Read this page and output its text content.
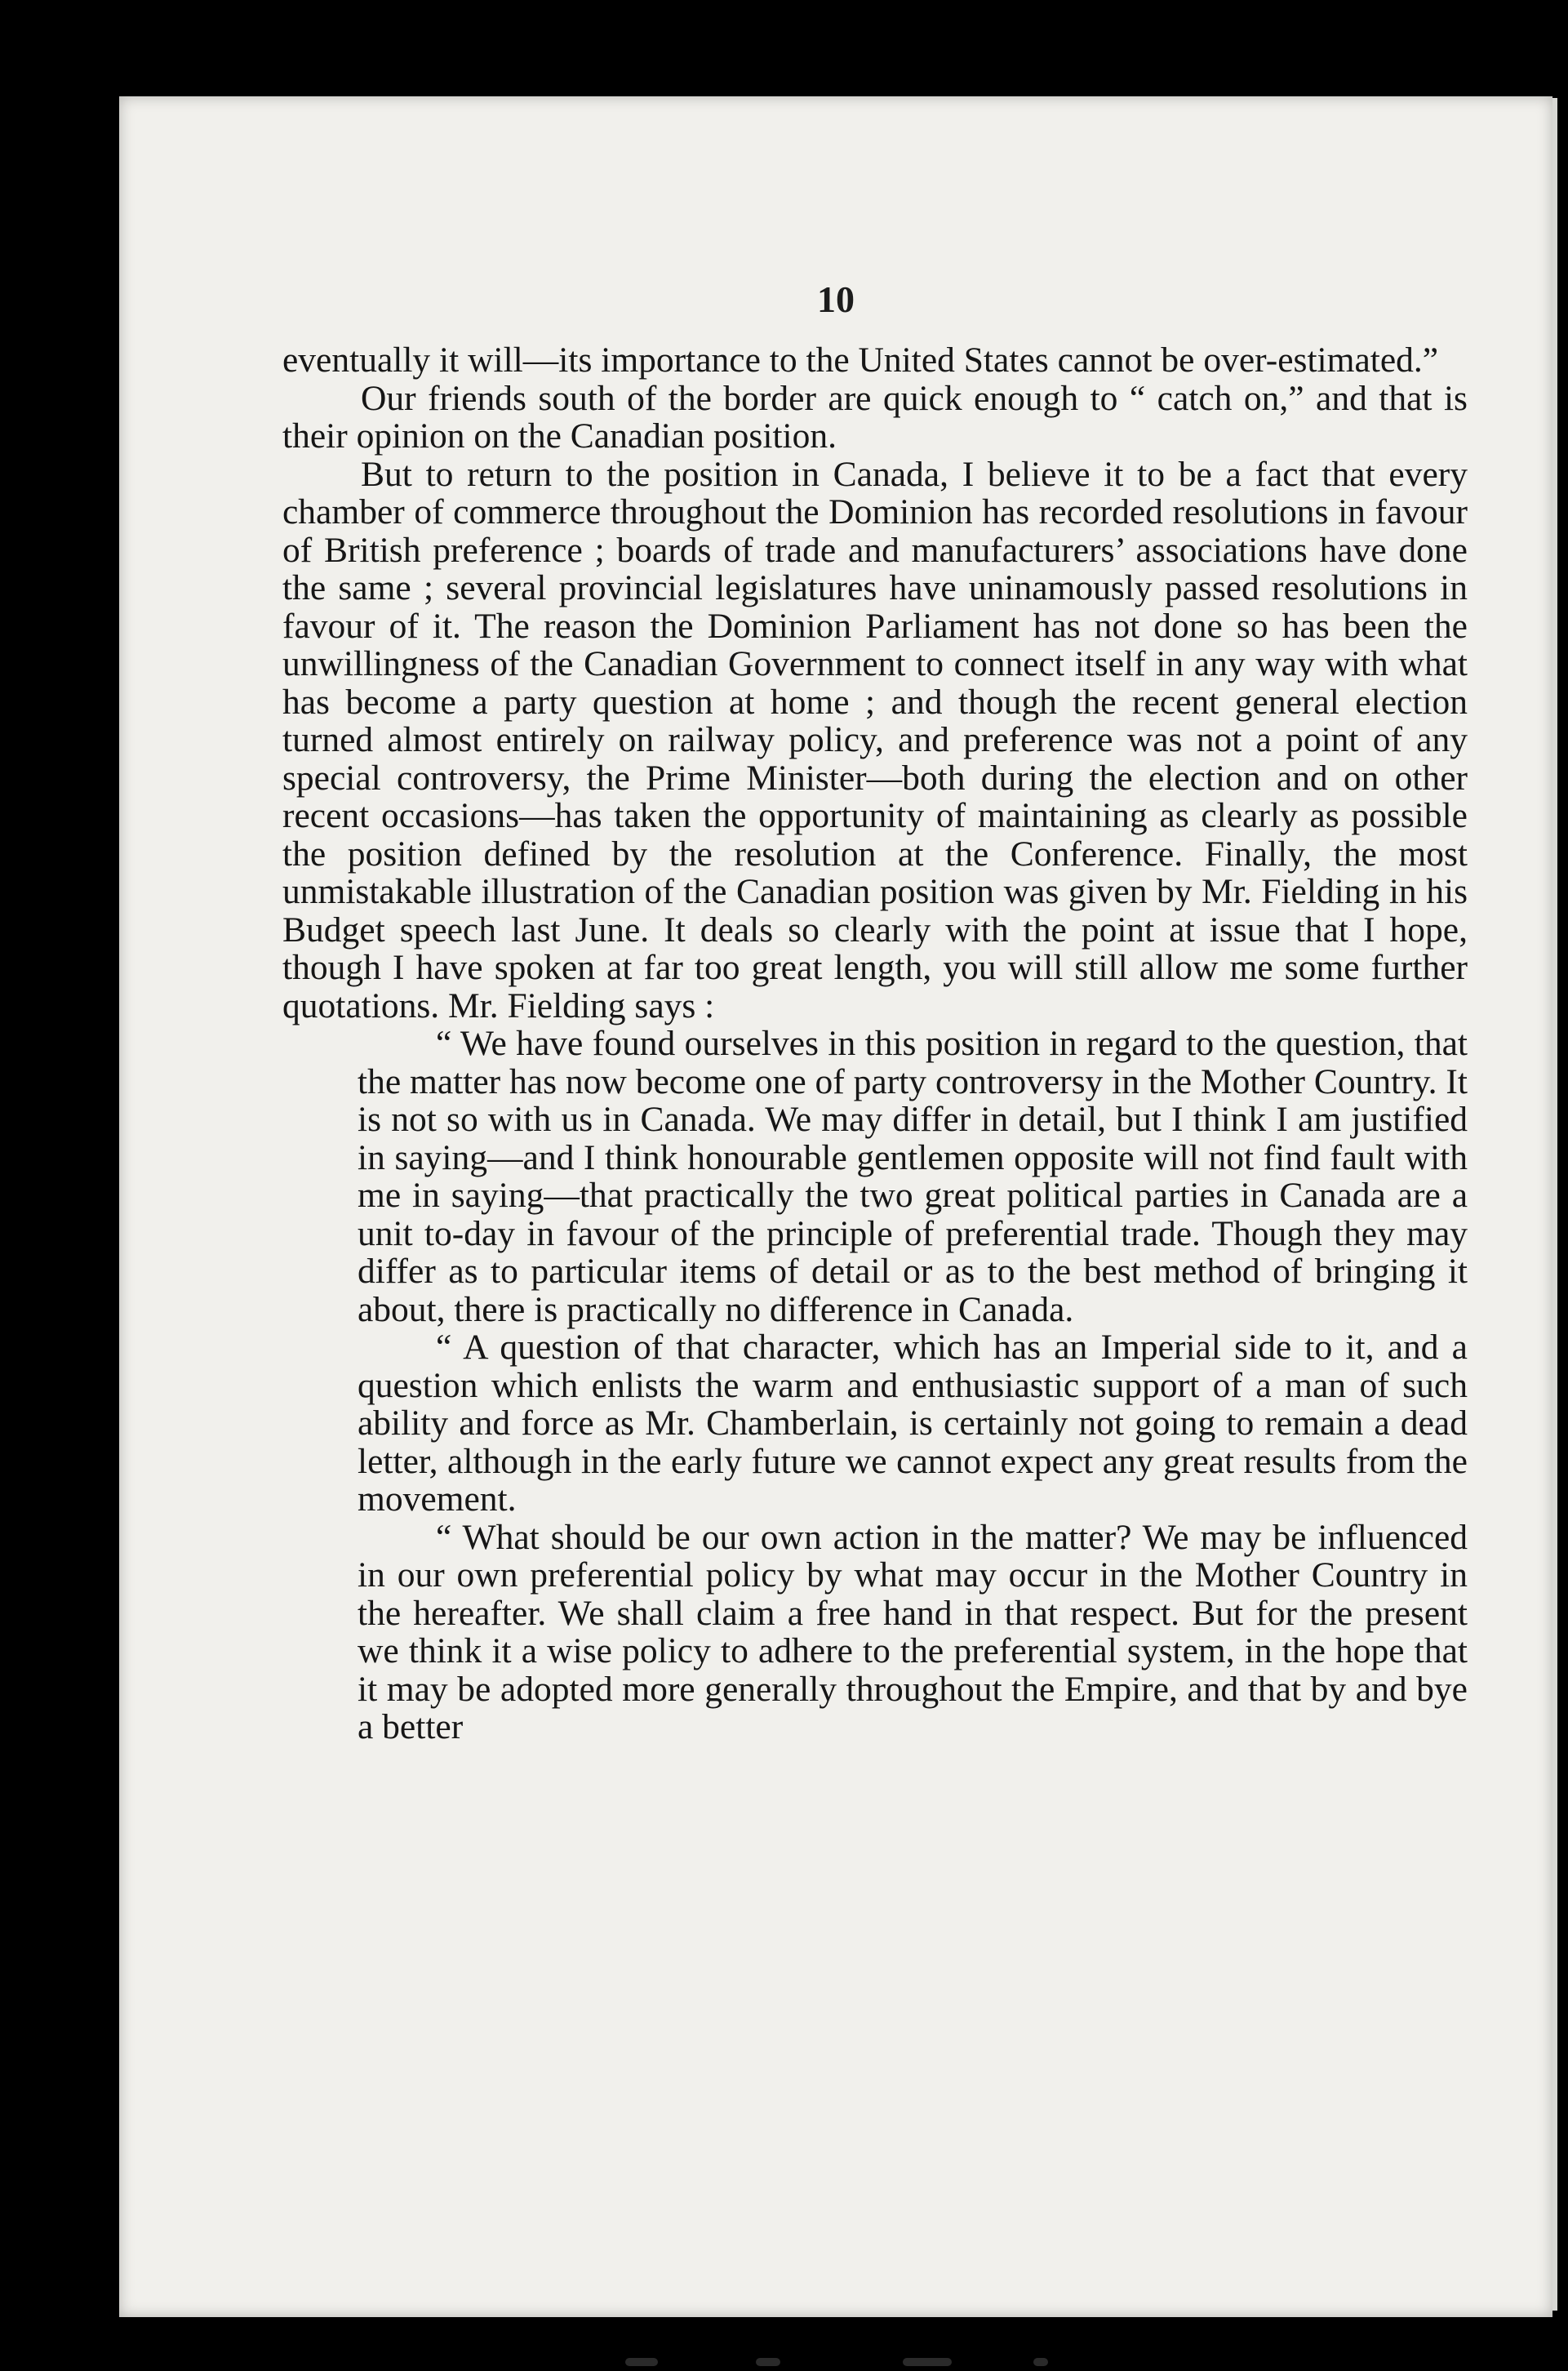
10

eventually it will—its importance to the United States cannot be over-estimated.”

Our friends south of the border are quick enough to “ catch on,” and that is their opinion on the Canadian position.

But to return to the position in Canada, I believe it to be a fact that every chamber of commerce throughout the Dominion has recorded resolutions in favour of British preference ; boards of trade and manufacturers’ associations have done the same ; several provincial legislatures have uninamously passed resolutions in favour of it. The reason the Dominion Parliament has not done so has been the unwillingness of the Canadian Government to connect itself in any way with what has become a party question at home ; and though the recent general election turned almost entirely on railway policy, and preference was not a point of any special controversy, the Prime Minister—both during the election and on other recent occasions—has taken the opportunity of maintaining as clearly as possible the position defined by the resolution at the Conference. Finally, the most unmistakable illustration of the Canadian position was given by Mr. Fielding in his Budget speech last June. It deals so clearly with the point at issue that I hope, though I have spoken at far too great length, you will still allow me some further quotations. Mr. Fielding says :

“ We have found ourselves in this position in regard to the question, that the matter has now become one of party controversy in the Mother Country. It is not so with us in Canada. We may differ in detail, but I think I am justified in saying—and I think honourable gentlemen opposite will not find fault with me in saying—that practically the two great political parties in Canada are a unit to-day in favour of the principle of preferential trade. Though they may differ as to particular items of detail or as to the best method of bringing it about, there is practically no difference in Canada.

“ A question of that character, which has an Imperial side to it, and a question which enlists the warm and enthusiastic support of a man of such ability and force as Mr. Chamberlain, is certainly not going to remain a dead letter, although in the early future we cannot expect any great results from the movement.

“ What should be our own action in the matter? We may be influenced in our own preferential policy by what may occur in the Mother Country in the hereafter. We shall claim a free hand in that respect. But for the present we think it a wise policy to adhere to the preferential system, in the hope that it may be adopted more generally throughout the Empire, and that by and bye a better
